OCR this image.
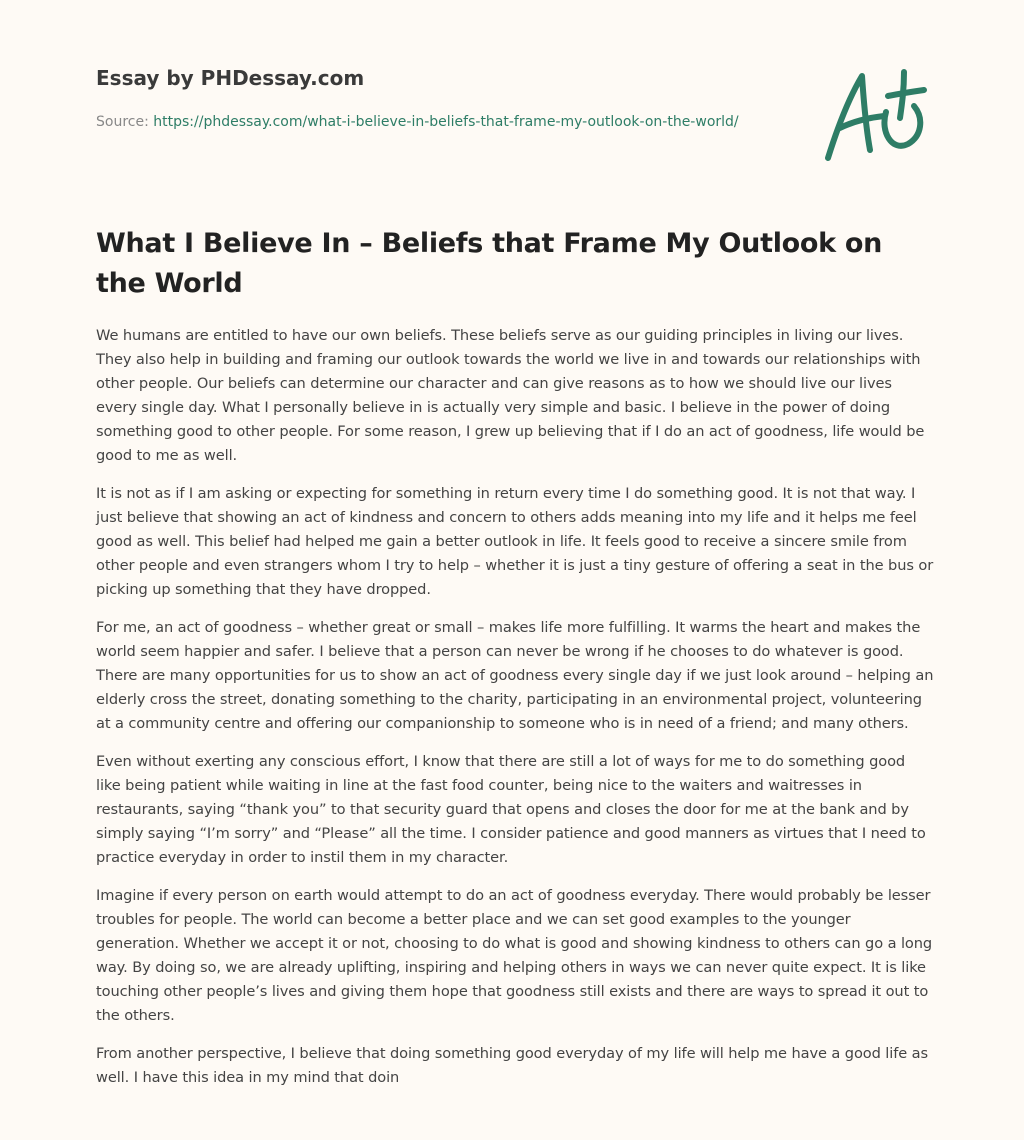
Essay by PHDessay.com
Source: https://phdessay.com/what-i-believe-in-beliefs-that-frame-my-outlook-on-the-world/
What I Believe In – Beliefs that Frame My Outlook on the World

We humans are entitled to have our own beliefs. These beliefs serve as our guiding principles in living our lives. They also help in building and framing our outlook towards the world we live in and towards our relationships with other people. Our beliefs can determine our character and can give reasons as to how we should live our lives every single day. What I personally believe in is actually very simple and basic. I believe in the power of doing something good to other people. For some reason, I grew up believing that if I do an act of goodness, life would be good to me as well.

It is not as if I am asking or expecting for something in return every time I do something good. It is not that way. I just believe that showing an act of kindness and concern to others adds meaning into my life and it helps me feel good as well. This belief had helped me gain a better outlook in life. It feels good to receive a sincere smile from other people and even strangers whom I try to help – whether it is just a tiny gesture of offering a seat in the bus or picking up something that they have dropped.

For me, an act of goodness – whether great or small – makes life more fulfilling. It warms the heart and makes the world seem happier and safer. I believe that a person can never be wrong if he chooses to do whatever is good. There are many opportunities for us to show an act of goodness every single day if we just look around – helping an elderly cross the street, donating something to the charity, participating in an environmental project, volunteering at a community centre and offering our companionship to someone who is in need of a friend; and many others.

Even without exerting any conscious effort, I know that there are still a lot of ways for me to do something good like being patient while waiting in line at the fast food counter, being nice to the waiters and waitresses in restaurants, saying “thank you” to that security guard that opens and closes the door for me at the bank and by simply saying “I’m sorry” and “Please” all the time. I consider patience and good manners as virtues that I need to practice everyday in order to instil them in my character.

Imagine if every person on earth would attempt to do an act of goodness everyday. There would probably be lesser troubles for people. The world can become a better place and we can set good examples to the younger generation. Whether we accept it or not, choosing to do what is good and showing kindness to others can go a long way. By doing so, we are already uplifting, inspiring and helping others in ways we can never quite expect. It is like touching other people’s lives and giving them hope that goodness still exists and there are ways to spread it out to the others.

From another perspective, I believe that doing something good everyday of my life will help me have a good life as well. I have this idea in my mind that doin
